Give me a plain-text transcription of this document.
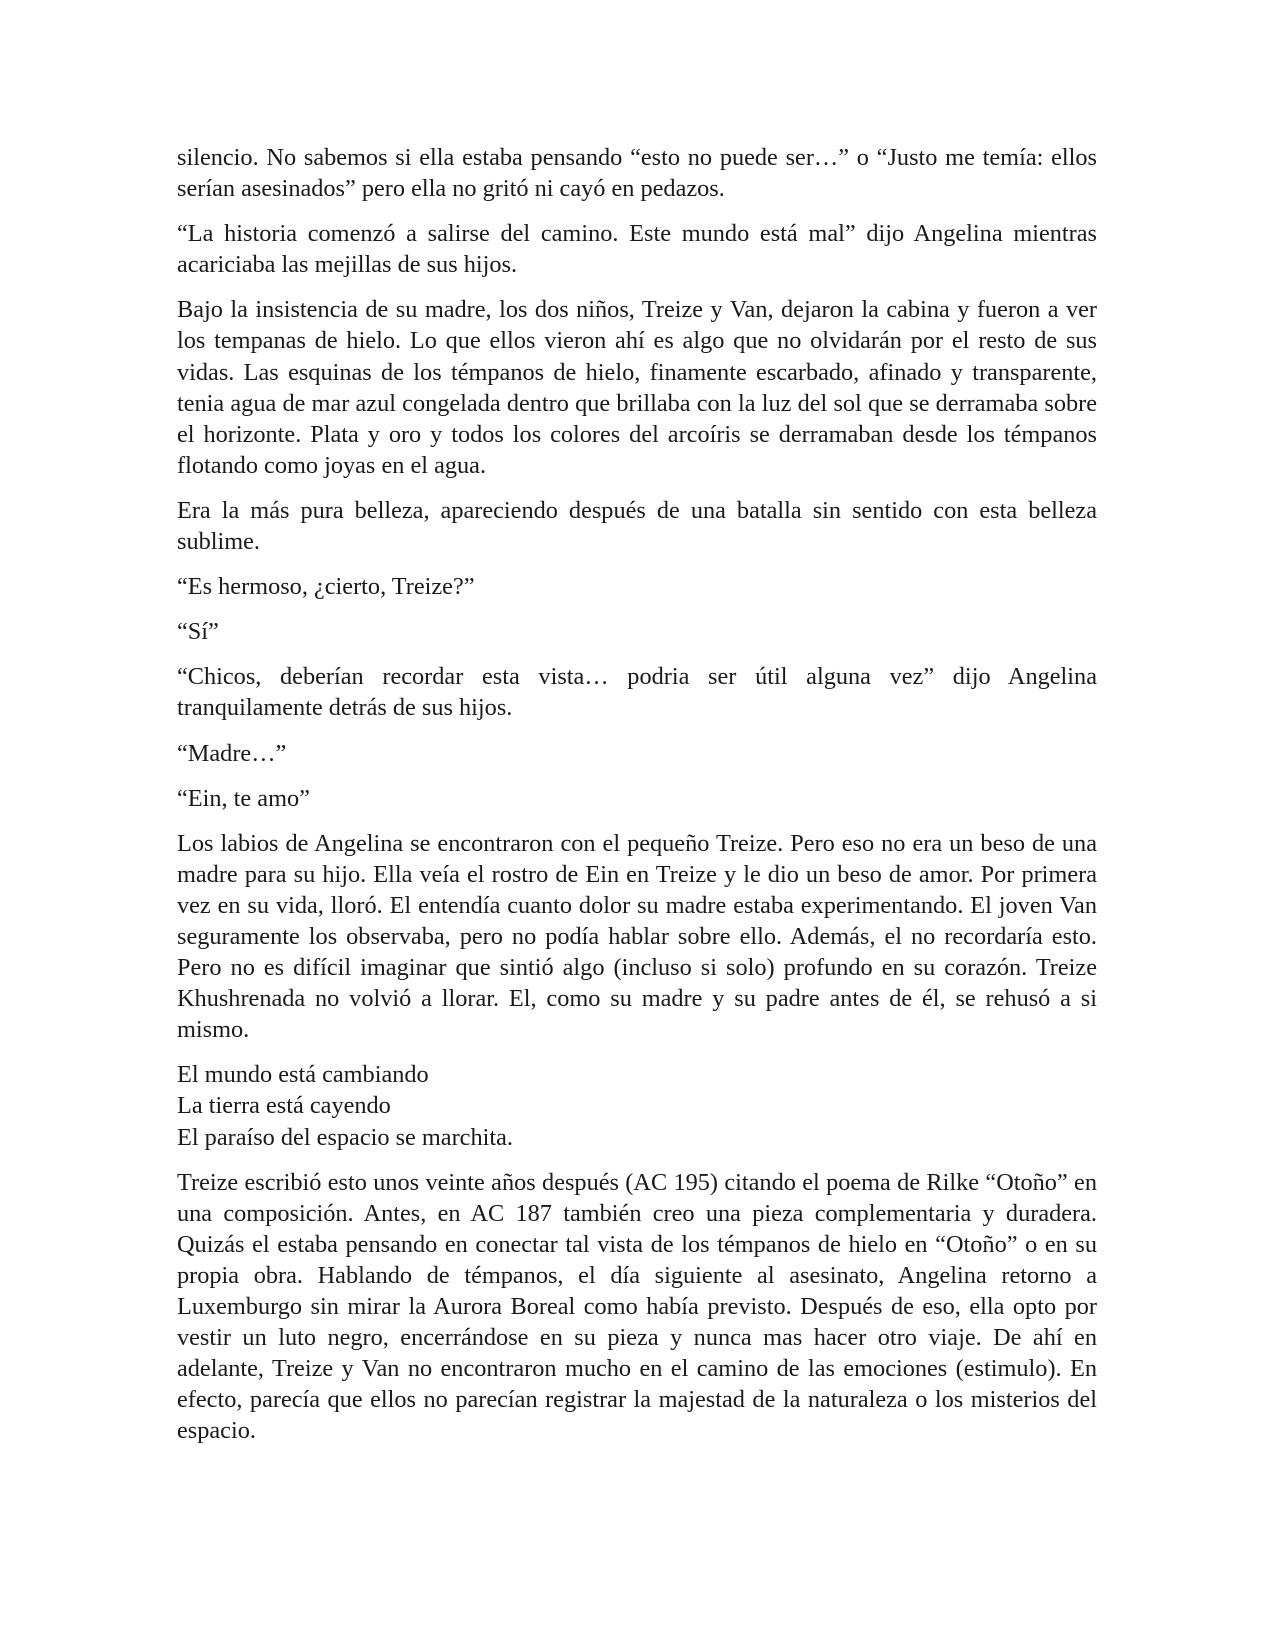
silencio. No sabemos si ella estaba pensando “esto no puede ser…” o “Justo me temía: ellos serían asesinados” pero ella no gritó ni cayó en pedazos.

“La historia comenzó a salirse del camino. Este mundo está mal” dijo Angelina mientras acariciaba las mejillas de sus hijos.

Bajo la insistencia de su madre, los dos niños, Treize y Van, dejaron la cabina y fueron a ver los tempanas de hielo. Lo que ellos vieron ahí es algo que no olvidarán por el resto de sus vidas. Las esquinas de los témpanos de hielo, finamente escarbado, afinado y transparente, tenia agua de mar azul congelada dentro que brillaba con la luz del sol que se derramaba sobre el horizonte. Plata y oro y todos los colores del arcoíris se derramaban desde los témpanos flotando como joyas en el agua.

Era la más pura belleza, apareciendo después de una batalla sin sentido con esta belleza sublime.

“Es hermoso, ¿cierto, Treize?”

“Sí”

“Chicos, deberían recordar esta vista… podria ser útil alguna vez” dijo Angelina tranquilamente detrás de sus hijos.

“Madre…”

“Ein, te amo”

Los labios de Angelina se encontraron con el pequeño Treize. Pero eso no era un beso de una madre para su hijo. Ella veía el rostro de Ein en Treize y le dio un beso de amor. Por primera vez en su vida, lloró. El entendía cuanto dolor su madre estaba experimentando. El joven Van seguramente los observaba, pero no podía hablar sobre ello. Además, el no recordaría esto. Pero no es difícil imaginar que sintió algo (incluso si solo) profundo en su corazón. Treize Khushrenada no volvió a llorar. El, como su madre y su padre antes de él, se rehusó a si mismo.

El mundo está cambiando
La tierra está cayendo
El paraíso del espacio se marchita.

Treize escribió esto unos veinte años después (AC 195) citando el poema de Rilke “Otoño” en una composición. Antes, en AC 187 también creo una pieza complementaria y duradera. Quizás el estaba pensando en conectar tal vista de los témpanos de hielo en “Otoño” o en su propia obra. Hablando de témpanos, el día siguiente al asesinato, Angelina retorno a Luxemburgo sin mirar la Aurora Boreal como había previsto. Después de eso, ella opto por vestir un luto negro, encerrándose en su pieza y nunca mas hacer otro viaje. De ahí en adelante, Treize y Van no encontraron mucho en el camino de las emociones (estimulo). En efecto, parecía que ellos no parecían registrar la majestad de la naturaleza o los misterios del espacio.
